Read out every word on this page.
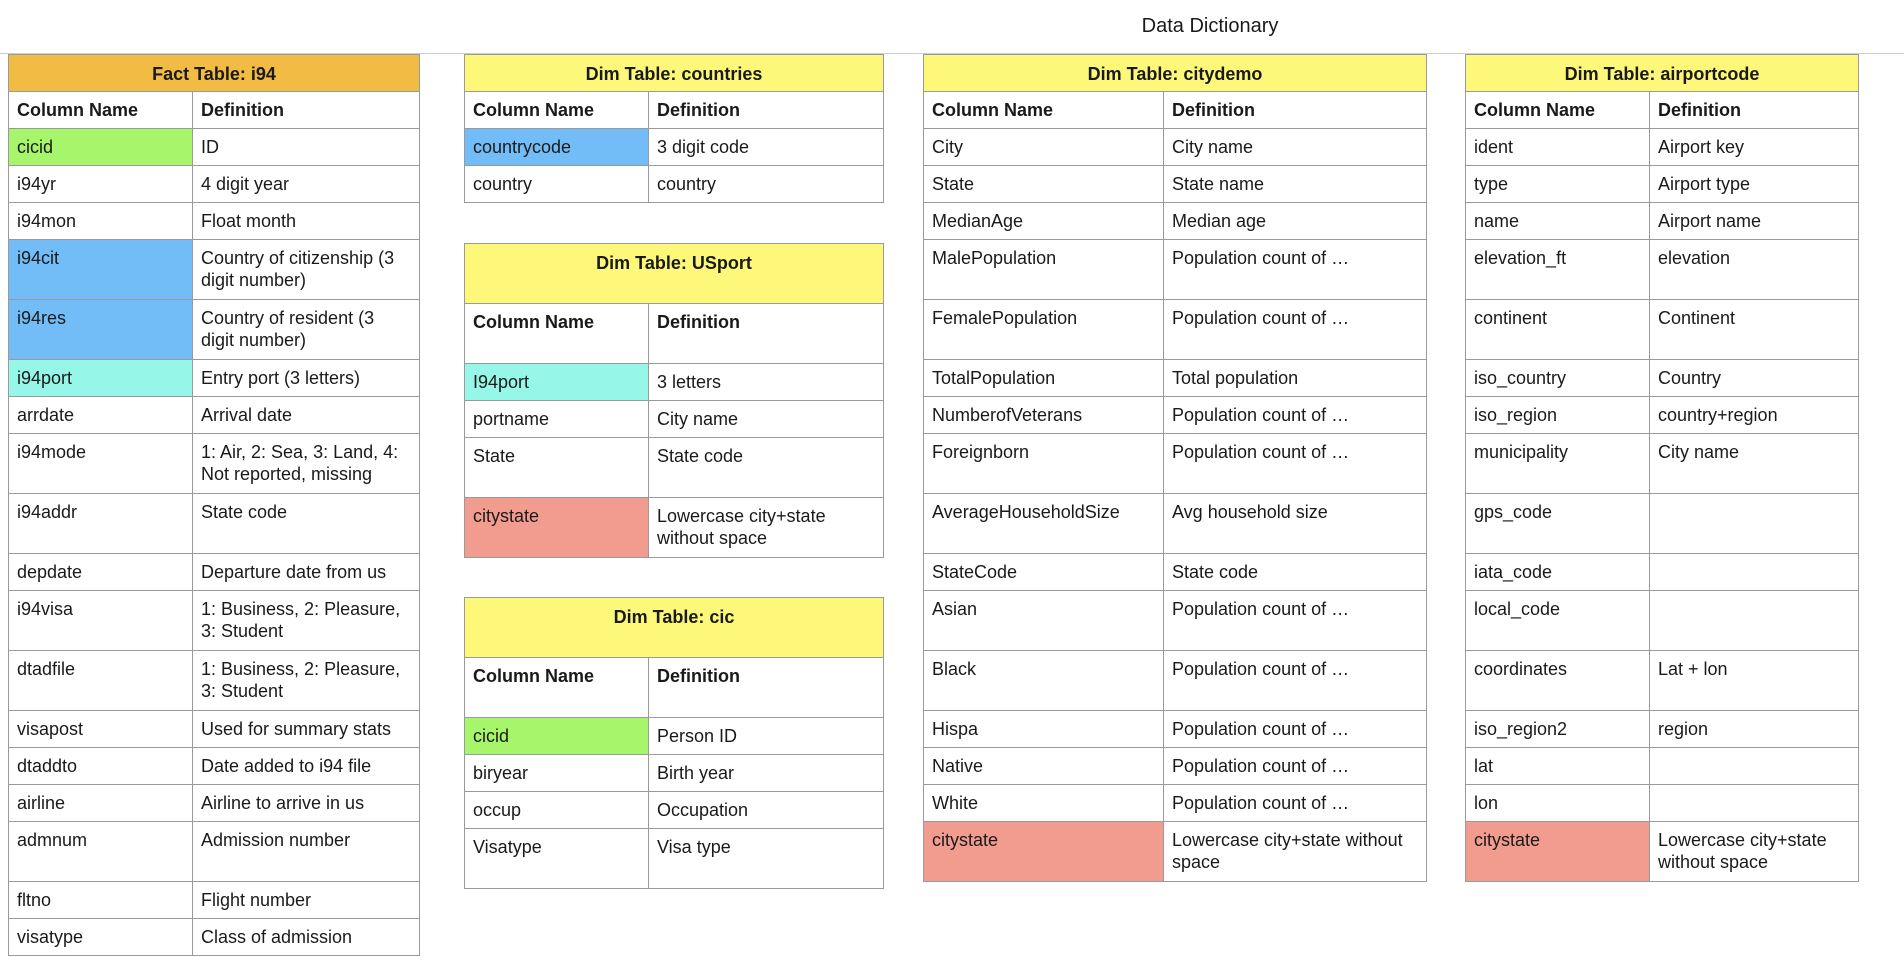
Data Dictionary
Fact Table: i94	
Column Name	Definition
cicid	ID
i94yr	4 digit year
i94mon	Float month
i94cit	Country of citizenship (3 digit number)
i94res	Country of resident (3 digit number)
i94port	Entry port (3 letters)
arrdate	Arrival date
i94mode	1: Air, 2: Sea, 3: Land, 4: Not reported, missing
i94addr	State code
depdate	Departure date from us
i94visa	1: Business, 2: Pleasure, 3: Student
dtadfile	1: Business, 2: Pleasure, 3: Student
visapost	Used for summary stats
dtaddto	Date added to i94 file
airline	Airline to arrive in us
admnum	Admission number
fltno	Flight number
visatype	Class of admission
Dim Table: countries	
Column Name	Definition
countrycode	3 digit code
country	country
Dim Table: USport	
Column Name	Definition
I94port	3 letters
portname	City name
State	State code
citystate	Lowercase city+state without space
Dim Table: cic	
Column Name	Definition
cicid	Person ID
biryear	Birth year
occup	Occupation
Visatype	Visa type
Dim Table: citydemo	
Column Name	Definition
City	City name
State	State name
MedianAge	Median age
MalePopulation	Population count of …
FemalePopulation	Population count of …
TotalPopulation	Total population
NumberofVeterans	Population count of …
Foreignborn	Population count of …
AverageHouseholdSize	Avg household size
StateCode	State code
Asian	Population count of …
Black	Population count of …
Hispa	Population count of …
Native	Population count of …
White	Population count of …
citystate	Lowercase city+state without space
Dim Table: airportcode	
Column Name	Definition
ident	Airport key
type	Airport type
name	Airport name
elevation_ft	elevation
continent	Continent
iso_country	Country
iso_region	country+region
municipality	City name
gps_code	
iata_code	
local_code	
coordinates	Lat + lon
iso_region2	region
lat	
lon	
citystate	Lowercase city+state without space
